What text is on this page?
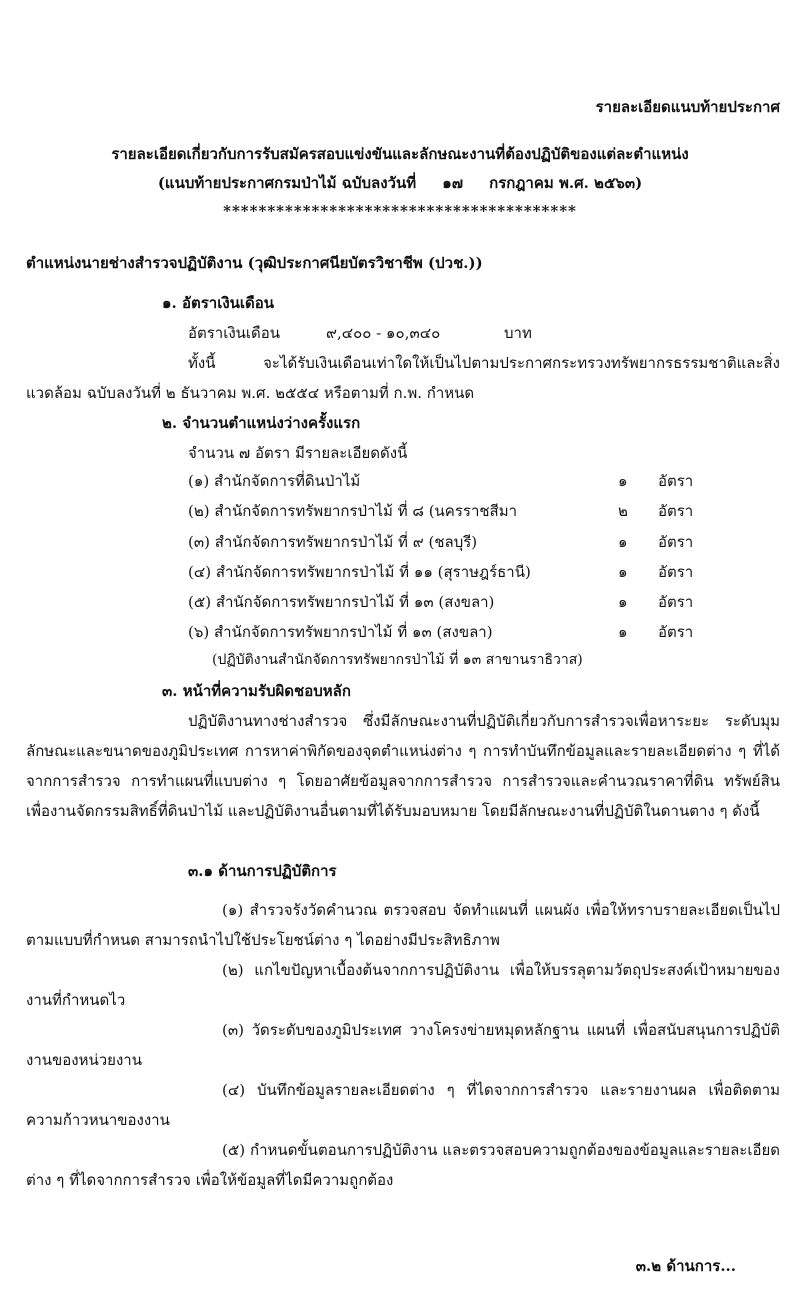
รายละเอียดแนบท้ายประกาศ
รายละเอียดเกี่ยวกับการรับสมัครสอบแข่งขันและลักษณะงานที่ต้องปฏิบัติของแต่ละตำแหน่ง
(แนบท้ายประกาศกรมป่าไม้ ฉบับลงวันที่     ๑๗     กรกฎาคม พ.ศ. ๒๕๖๓)
****************************************
ตำแหน่งนายช่างสำรวจปฏิบัติงาน (วุฒิประกาศนียบัตรวิชาชีพ (ปวช.))
๑. อัตราเงินเดือน
อัตราเงินเดือน	๙,๔๐๐ - ๑๐,๓๔๐	บาท
ทั้งนี้ จะได้รับเงินเดือนเท่าใดให้เป็นไปตามประกาศกระทรวงทรัพยากรธรรมชาติและสิ่งแวดล้อม ฉบับลงวันที่ ๒ ธันวาคม พ.ศ. ๒๕๕๔ หรือตามที่ ก.พ. กำหนด
๒. จำนวนตำแหน่งว่างครั้งแรก
จำนวน ๗ อัตรา มีรายละเอียดดังนี้
(๑) สำนักจัดการที่ดินป่าไม้	๑ อัตรา
(๒) สำนักจัดการทรัพยากรป่าไม้ ที่ ๘ (นครราชสีมา	๒ อัตรา
(๓) สำนักจัดการทรัพยากรป่าไม้ ที่ ๙ (ชลบุรี)	๑ อัตรา
(๔) สำนักจัดการทรัพยากรป่าไม้ ที่ ๑๑ (สุราษฎร์ธานี)	๑ อัตรา
(๕) สำนักจัดการทรัพยากรป่าไม้ ที่ ๑๓ (สงขลา)	๑ อัตรา
(๖) สำนักจัดการทรัพยากรป่าไม้ ที่ ๑๓ (สงขลา)	๑ อัตรา
(ปฏิบัติงานสำนักจัดการทรัพยากรป่าไม้ ที่ ๑๓ สาขานราธิวาส)
๓. หน้าที่ความรับผิดชอบหลัก
ปฏิบัติงานทางช่างสำรวจ ซึ่งมีลักษณะงานที่ปฏิบัติเกี่ยวกับการสำรวจเพื่อหาระยะ ระดับมุม ลักษณะและขนาดของภูมิประเทศ การหาค่าพิกัดของจุดตำแหน่งต่าง ๆ การทำบันทึกข้อมูลและรายละเอียดต่าง ๆ ที่ได้จากการสำรวจ การทำแผนที่แบบต่าง ๆ โดยอาศัยข้อมูลจากการสำรวจ การสำรวจและคำนวณราคาที่ดิน ทรัพย์สิน เพื่องานจัดกรรมสิทธิ์ที่ดินป่าไม้ และปฏิบัติงานอื่นตามที่ได้รับมอบหมาย โดยมีลักษณะงานที่ปฏิบัติในดานตาง ๆ ดังนี้
๓.๑ ด้านการปฏิบัติการ
(๑) สำรวจรังวัดคำนวณ ตรวจสอบ จัดทำแผนที่ แผนผัง เพื่อให้ทราบรายละเอียดเป็นไปตามแบบที่กำหนด สามารถนำไปใช้ประโยชน์ต่าง ๆ ไดอย่างมีประสิทธิภาพ
(๒) แกไขปัญหาเบื้องต้นจากการปฏิบัติงาน เพื่อให้บรรลุตามวัตถุประสงค์เป้าหมายของงานที่กำหนดไว
(๓) วัดระดับของภูมิประเทศ วางโครงข่ายหมุดหลักฐาน แผนที่ เพื่อสนับสนุนการปฏิบัติงานของหน่วยงาน
(๔) บันทึกข้อมูลรายละเอียดต่าง ๆ ที่ไดจากการสำรวจ และรายงานผล เพื่อติดตามความก้าวหนาของงาน
(๕) กำหนดขั้นตอนการปฏิบัติงาน และตรวจสอบความถูกต้องของข้อมูลและรายละเอียดต่าง ๆ ที่ไดจากการสำรวจ เพื่อให้ข้อมูลที่ไดมีความถูกต้อง
๓.๒ ด้านการ...
